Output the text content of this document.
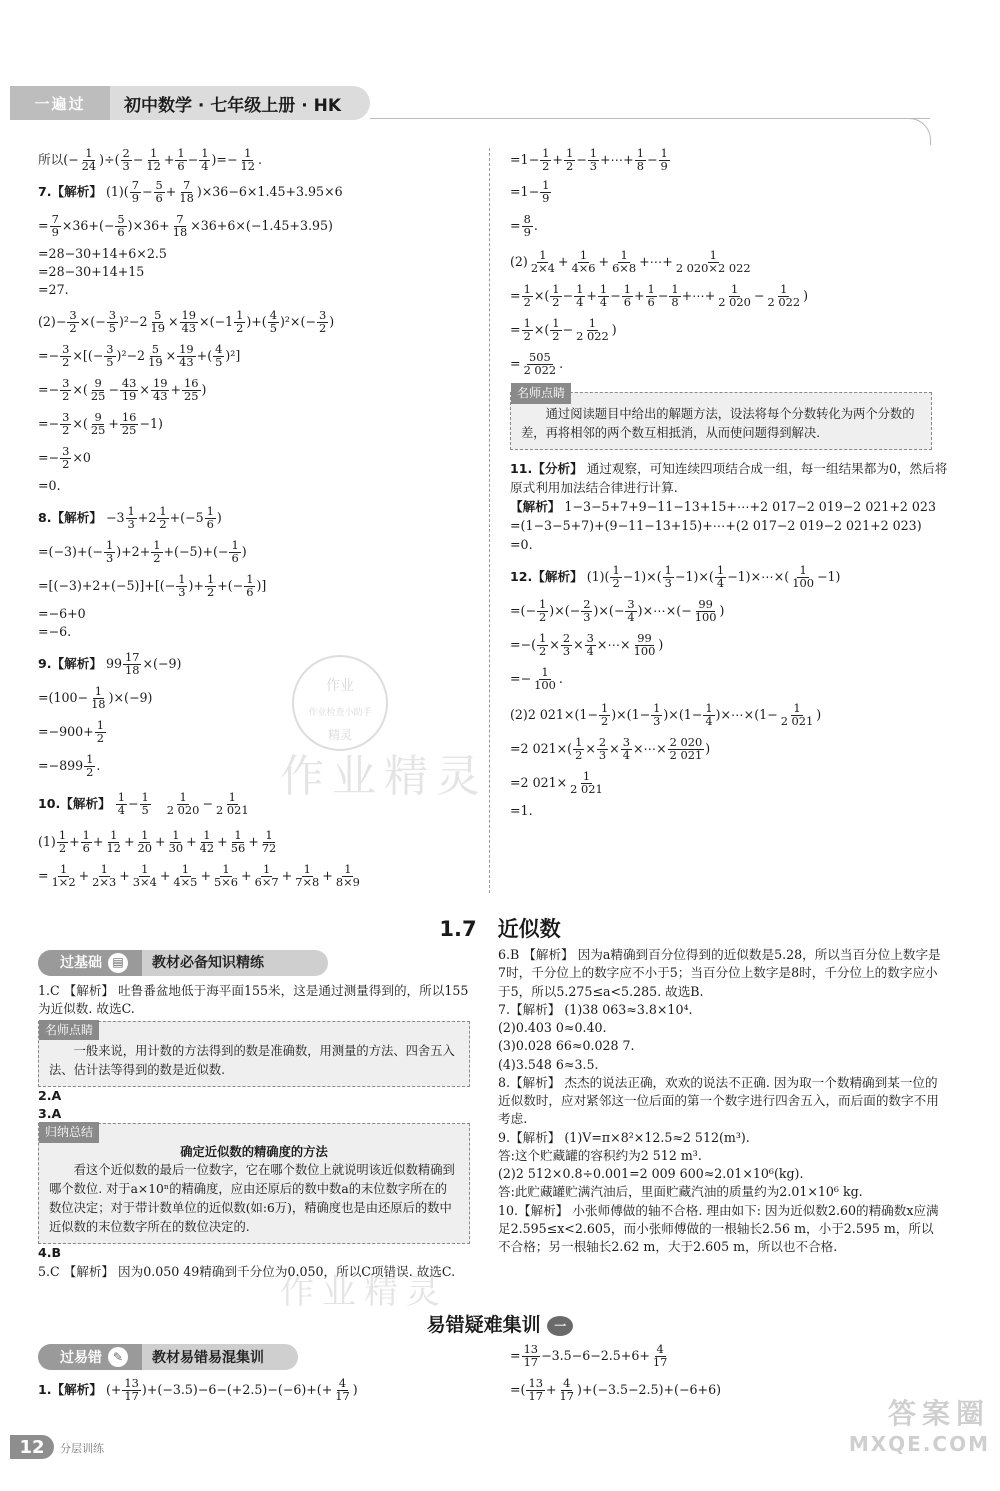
一遍过	初中数学 · 七年级上册 · HK
作业
作业检查小助手
精灵
作业精灵
作业精灵

所以(− $\frac{1}{24}$ )÷( $\frac{2}{3} - \frac{1}{12} + \frac{1}{6} - \frac{1}{4}$ )=− $\frac{1}{12}$ .

7.【解析】 $(1)( \frac{7}{9} - \frac{5}{6} + \frac{7}{18} )\times 36-6\times 1.45+3.95\times 6$

= $\frac{7}{9} \times 36+(- \frac{5}{6} )\times 36+ \frac{7}{18} \times 36+6\times(-1.45+3.95)$

=28−30+14+6×2.5

=28−30+14+15

=27.

$(2)- \frac{3}{2}$ ×(− $\frac{3}{5} )^2-2 \frac{5}{19} \times \frac{19}{43} \times(-1 \frac{1}{2}$ )+( $\frac{4}{5} )^2\times(- \frac{3}{2}$ )

=− $\frac{3}{2}$ ×[(− $\frac{3}{5} )^2-2 \frac{5}{19} \times \frac{19}{43}$ +( $\frac{4}{5} )^2$]

=− $\frac{3}{2}$ ×( $\frac{9}{25} - \frac{43}{19} \times \frac{19}{43} + \frac{16}{25}$ )

=− $\frac{3}{2}$ ×( $\frac{9}{25} + \frac{16}{25} -1$)

=− $\frac{3}{2} \times 0$

=0.

8.【解析】 $-3 \frac{1}{3} +2 \frac{1}{2} +(-5 \frac{1}{6}$ )

$=(-3)+(- \frac{1}{3} )+2+ \frac{1}{2} +(-5)+(- \frac{1}{6}$ )

$=[(-3)+2+(-5)]+[(- \frac{1}{3}$ )+ $\frac{1}{2}$ +(− $\frac{1}{6}$ )]

=−6+0

=−6.

9.【解析】 $99 \frac{17}{18} \times(-9)$

$=(100- \frac{1}{18} )\times(-9)$

$=-900+ \frac{1}{2}$

$=-899 \frac{1}{2}$ .

10.【解析】 $\frac{1}{4} - \frac{1}{5}$
$\frac{1}{2 020} - \frac{1}{2 021}$

$(1) \frac{1}{2} + \frac{1}{6} + \frac{1}{12} + \frac{1}{20} + \frac{1}{30} + \frac{1}{42} + \frac{1}{56} + \frac{1}{72}$

= $\frac{1}{1\times 2} + \frac{1}{2\times 3} + \frac{1}{3\times 4} + \frac{1}{4\times 5} + \frac{1}{5\times 6} + \frac{1}{6\times 7} + \frac{1}{7\times 8} + \frac{1}{8\times 9}$

$=1- \frac{1}{2} + \frac{1}{2} - \frac{1}{3}$ +⋯+ $\frac{1}{8} - \frac{1}{9}$

$=1- \frac{1}{9}$

= $\frac{8}{9}$ .

$(2) \frac{1}{2\times 4} + \frac{1}{4\times 6} + \frac{1}{6\times 8}$ +⋯+ $\frac{1}{2 020\times 2 022}$

= $\frac{1}{2}$ ×( $\frac{1}{2} - \frac{1}{4} + \frac{1}{4} - \frac{1}{6} + \frac{1}{6} - \frac{1}{8}$ +⋯+ $\frac{1}{2 020} - \frac{1}{2 022}$ )

= $\frac{1}{2}$ ×( $\frac{1}{2} - \frac{1}{2 022}$ )

= $\frac{505}{2 022}$ .

名师点睛
通过阅读题目中给出的解题方法，设法将每个分数转化为两个分数的差，再将相邻的两个数互相抵消，从而使问题得到解决.
11.【分析】 通过观察，可知连续四项结合成一组，每一组结果都为0，然后将原式利用加法结合律进行计算.
【解析】 1−3−5+7+9−11−13+15+⋯+2 017−2 019−2 021+2 023
=(1−3−5+7)+(9−11−13+15)+⋯+(2 017−2 019−2 021+2 023)
=0.

12.【解析】 $(1)( \frac{1}{2} -1)\times( \frac{1}{3} -1)\times( \frac{1}{4}$ −1)×⋯×( $\frac{1}{100} -1$)

=(− $\frac{1}{2}$ )×(− $\frac{2}{3}$ )×(− $\frac{3}{4}$ )×⋯×(− $\frac{99}{100}$ )

=−( $\frac{1}{2} \times \frac{2}{3} \times \frac{3}{4}$ ×⋯× $\frac{99}{100}$ )

=− $\frac{1}{100}$ .

(2)2 $021\times(1- \frac{1}{2} )\times(1- \frac{1}{3} )\times(1- \frac{1}{4}$ )×⋯×(1− $\frac{1}{2 021}$ )

=2 $021\times( \frac{1}{2} \times \frac{2}{3} \times \frac{3}{4}$ ×⋯× $\frac{2 020}{2 021}$ )

=2 $021\times \frac{1}{2 021}$

=1.

1.7　近似数
过基础 ▤	教材必备知识精练
1.C 【解析】 吐鲁番盆地低于海平面155米，这是通过测量得到的，所以155为近似数. 故选C.
名师点睛
一般来说，用计数的方法得到的数是准确数，用测量的方法、四舍五入法、估计法等得到的数是近似数.
2.A
3.A
归纳总结
确定近似数的精确度的方法
看这个近似数的最后一位数字，它在哪个数位上就说明该近似数精确到哪个数位. 对于a×10ⁿ的精确度，应由还原后的数中数a的末位数字所在的数位决定；对于带计数单位的近似数(如:6万)，精确度也是由还原后的数中近似数的末位数字所在的数位决定的.
4.B
5.C 【解析】 因为0.050 49精确到千分位为0.050，所以C项错误. 故选C.
6.B 【解析】 因为a精确到百分位得到的近似数是5.28，所以当百分位上数字是7时，千分位上的数字应不小于5；当百分位上数字是8时，千分位上的数字应小于5，所以5.275≤a<5.285. 故选B.
7.【解析】 (1)38 063≈3.8×10⁴.
(2)0.403 0≈0.40.
(3)0.028 66≈0.028 7.
(4)3.548 6≈3.5.
8.【解析】 杰杰的说法正确，欢欢的说法不正确. 因为取一个数精确到某一位的近似数时，应对紧邻这一位后面的第一个数字进行四舍五入，而后面的数字不用考虑.
9.【解析】 (1)V=π×8²×12.5≈2 512(m³).
答:这个贮藏罐的容积约为2 512 m³.
(2)2 512×0.8÷0.001=2 009 600≈2.01×10⁶(kg).
答:此贮藏罐贮满汽油后，里面贮藏汽油的质量约为2.01×10⁶ kg.
10.【解析】 小张师傅做的轴不合格. 理由如下: 因为近似数2.60的精确数x应满足2.595≤x<2.605，而小张师傅做的一根轴长2.56 m，小于2.595 m，所以不合格；另一根轴长2.62 m，大于2.605 m，所以也不合格.
易错疑难集训 一
过易错 ✎	教材易错易混集训

1.【解析】 (+ $\frac{13}{17} )+(-3.5)-6-(+2.5)-(-6)+(+ \frac{4}{17}$ )

= $\frac{13}{17} -3.5-6-2.5+6+ \frac{4}{17}$

=( $\frac{13}{17} + \frac{4}{17} )+(-3.5-2.5)+(-6+6)$

12	分层训练
答案圈
MXQE.COM
